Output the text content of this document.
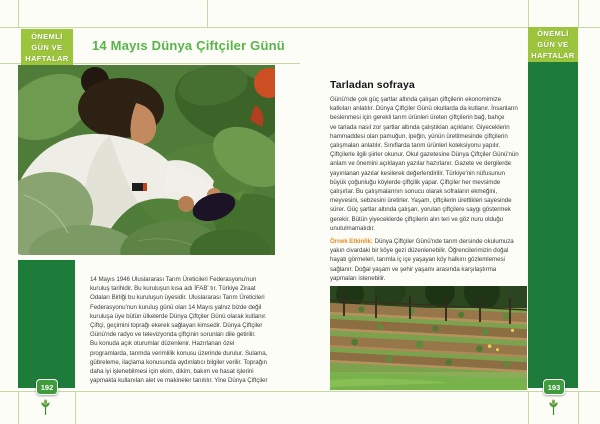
ÖNEMLİ
GÜN VE
HAFTALAR
14 Mayıs Dünya Çiftçiler Günü
14 Mayıs 1946 Uluslararası Tarım Üreticileri Federasyonu'nun
kuruluş tarihidir. Bu kuruluşun kısa adı İFAB' tır. Türkiye Ziraat
Odaları Birliği bu kuruluşun üyesidir. Uluslararası Tarım Üreticileri
Federasyonu'nun kuruluş günü olan 14 Mayıs yalnız bizde değil
kuruluşa üye bütün ülkelerde Dünya Çiftçiler Günü olarak kutlanır.
Çiftçi, geçimini toprağı ekerek sağlayan kimsedir. Dünya Çiftçiler
Günü'nde radyo ve televizyonda çiftçinin sorunları dile getirilir.
Bu konuda açık oturumlar düzenlenir. Hazırlanan özel
programlarda, tarımda verimlilik konusu üzerinde durulur. Sulama,
gübreleme, ilaçlama konusunda aydınlatıcı bilgiler verilir. Toprağın
daha iyi işlenebilmesi için ekim, dikim, bakım ve hasat işlerini
yapmakta kullanılan alet ve makineler tanıtılır. Yine Dünya Çiftçiler
192
ÖNEMLİ
GÜN VE
HAFTALAR
Tarladan sofraya
Günü'nde çok güç şartlar altında çalışan çiftçilerin ekonomimize
katkıları anlatılır. Dünya Çiftçiler Günü okullarda da kutlanır. İnsanların
beslenmesi için gerekli tarım ürünleri üreten çiftçilerin bağ, bahçe
ve tarlada nasıl zor şartlar altında çalıştıkları açıklanır. Giyeceklerin
hammaddesi olan pamuğun, ipeğin, yünün üretilmesinde çiftçilerin
çalışmaları anlatılır. Sınıflarda tarım ürünleri koleksiyonu yapılır.
Çiftçilerle ilgili şiirler okunur. Okul gazetesine Dünya Çiftçiler Günü'nün
anlam ve önemini açıklayan yazılar hazırlanır. Gazete ve dergilerde
yayınlanan yazılar kesilerek değerlendirilir. Türkiye'nin nüfusunun
büyük çoğunluğu köylerde çiftçilik yapar. Çiftçiler her mevsimde
çalışırlar. Bu çalışmalarının sonucu olarak sofraların ekmeğini,
meyvesini, sebzesini üretirler. Yaşam, çiftçilerin ürettikleri sayesinde
sürer. Güç şartlar altında çalışan, yorulan çiftçilere saygı göstermek
gerekir. Bütün yiyeceklerde çiftçilerin alın teri ve göz nuru olduğu
unutulmamalıdır.
Örnek Etkinlik: Dünya Çiftçiler Günü'nde tarım dersinde okulumuza
yakın civardaki bir köye gezi düzenlenebilir. Öğrencilerimizin doğal
hayatı görmeleri, tarımla iç içe yaşayan köy halkını gözlemlemesi
sağlanır. Doğal yaşam ve şehir yaşamı arasında karşılaştırma
yapmaları istenebilir.
193
